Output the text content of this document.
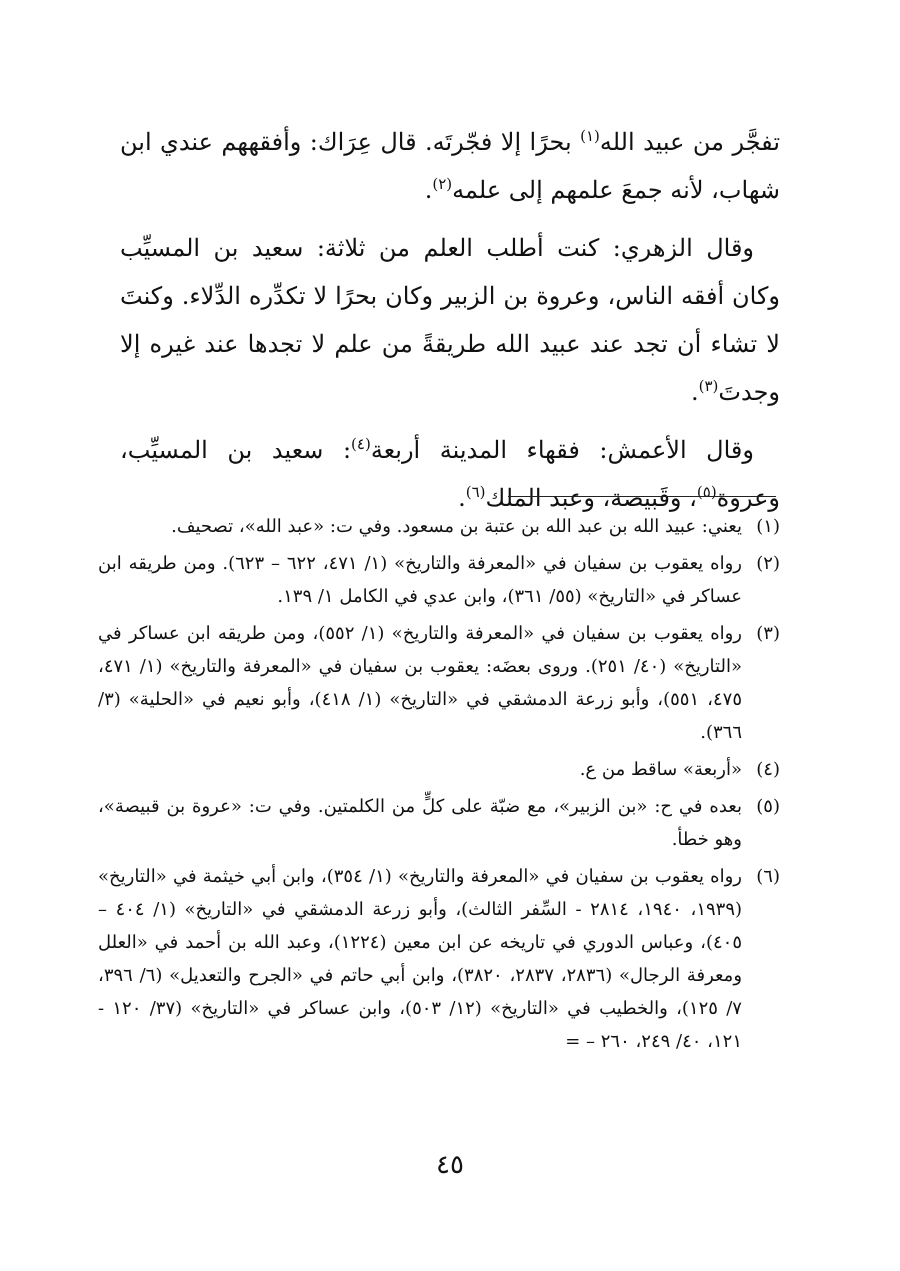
تفجَّر من عبيد الله$^{(١)}$ بحرًا إلا فجّرتَه. قال عِرَاك: وأفقههم عندي ابن شهاب، لأنه جمعَ علمهم إلى علمه$^{(٢)}$.

وقال الزهري: كنت أطلب العلم من ثلاثة: سعيد بن المسيِّب وكان أفقه الناس، وعروة بن الزبير وكان بحرًا لا تكدِّره الدِّلاء. وكنتَ لا تشاء أن تجد عند عبيد الله طريقةً من علم لا تجدها عند غيره إلا وجدتَ$^{(٣)}$.

وقال الأعمش: فقهاء المدينة أربعة$^{(٤)}$: سعيد بن المسيِّب، وعروة$^{(٥)}$، وقَبيصة، وعبد الملك$^{(٦)}$.

(١)
يعني: عبيد الله بن عبد الله بن عتبة بن مسعود. وفي ت: «عبد الله»، تصحيف.
(٢)
رواه يعقوب بن سفيان في «المعرفة والتاريخ» (١/ ٤٧١، ٦٢٢ – ٦٢٣). ومن طريقه ابن عساكر في «التاريخ» (٥٥/ ٣٦١)، وابن عدي في الكامل ١/ ١٣٩.
(٣)
رواه يعقوب بن سفيان في «المعرفة والتاريخ» (١/ ٥٥٢)، ومن طريقه ابن عساكر في «التاريخ» (٤٠/ ٢٥١). وروى بعضَه: يعقوب بن سفيان في «المعرفة والتاريخ» (١/ ٤٧١، ٤٧٥، ٥٥١)، وأبو زرعة الدمشقي في «التاريخ» (١/ ٤١٨)، وأبو نعيم في «الحلية» (٣/ ٣٦٦).
(٤)
«أربعة» ساقط من ع.
(٥)
بعده في ح: «بن الزبير»، مع ضبّة على كلٍّ من الكلمتين. وفي ت: «عروة بن قبيصة»، وهو خطأ.
(٦)
رواه يعقوب بن سفيان في «المعرفة والتاريخ» (١/ ٣٥٤)، وابن أبي خيثمة في «التاريخ» (١٩٣٩، ١٩٤٠، ٢٨١٤ - السِّفر الثالث)، وأبو زرعة الدمشقي في «التاريخ» (١/ ٤٠٤ – ٤٠٥)، وعباس الدوري في تاريخه عن ابن معين (١٢٢٤)، وعبد الله بن أحمد في «العلل ومعرفة الرجال» (٢٨٣٦، ٢٨٣٧، ٣٨٢٠)، وابن أبي حاتم في «الجرح والتعديل» (٦/ ٣٩٦، ٧/ ١٢٥)، والخطيب في «التاريخ» (١٢/ ٥٠٣)، وابن عساكر في «التاريخ» (٣٧/ ١٢٠ - ١٢١، ٤٠/ ٢٤٩، ٢٦٠ – =
٤٥
